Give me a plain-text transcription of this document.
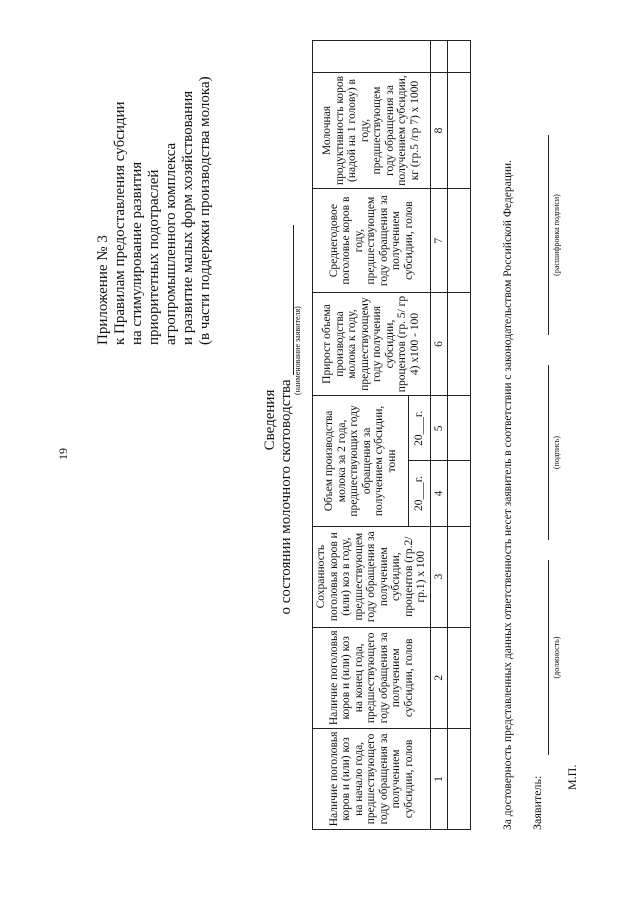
19
Приложение № 3 к Правилам предоставления субсидии на стимулирование развития приоритетных подотраслей агропромышленного комплекса и развитие малых форм хозяйствования (в части поддержки производства молока)
Сведения о состоянии молочного скотоводства
(наименование заявителя)
Наличие поголовья коров и (или) коз на начало года, предшествующего году обращения за получением субсидии, голов	Наличие поголовья коров и (или) коз на конец года, предшествующего году обращения за получением субсидии, голов	Сохранность поголовья коров и (или) коз в году, предшествующем году обращения за получением субсидии, процентов (гр.2/ гр.1) х 100	Объем производства молока за 2 года, предшествующих году обращения за получением субсидии, тонн		Прирост объема производства молока к году, предшествующему году получения субсидии, процентов (гр. 5/ гр 4) х100 - 100	Среднегодовое поголовье коров в году, предшествующем году обращения за получением субсидии, голов	Молочная продуктивность коров (надой на 1 голову) в году, предшествующем году обращения за получением субсидии, кг (гр.5 /гр 7) х 1000	
			20___г.	20___г.				
1	2	3	4	5	6	7	8	

За достоверность представленных данных ответственность несет заявитель в соответствии с законодательством Российской Федерации. Заявитель:
(должность)
(подпись)
(расшифровка подписи)
М.П.
